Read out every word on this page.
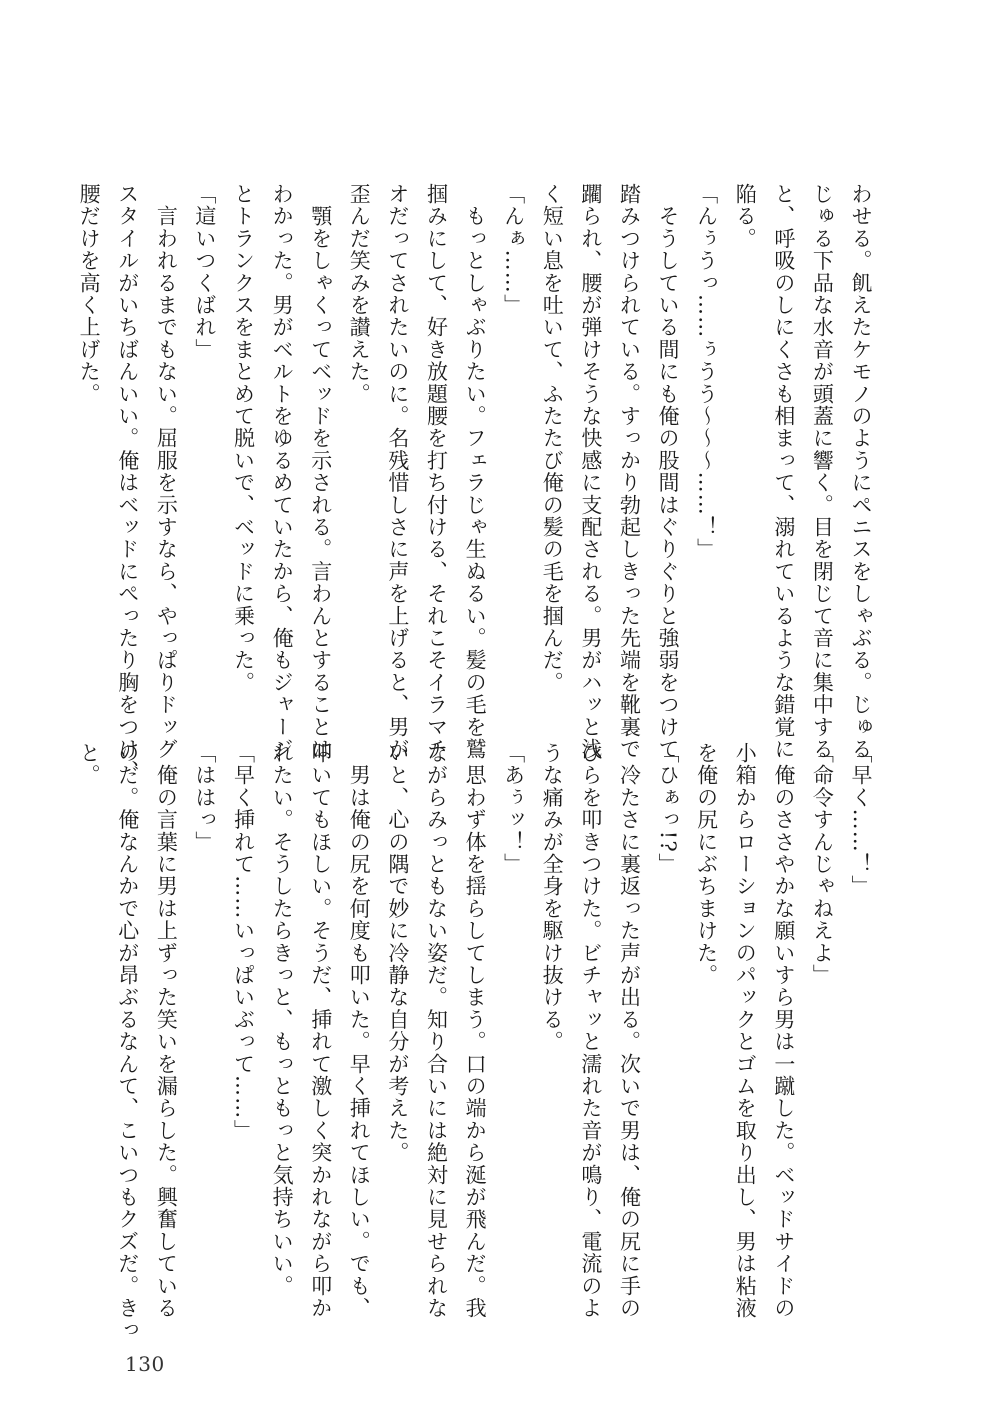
わせる。飢えたケモノのようにペニスをしゃぶる。じゅる
じゅる下品な水音が頭蓋に響く。目を閉じて音に集中する
と、呼吸のしにくさも相まって、溺れているような錯覚に
陥る。
「んぅうっ……ぅうう〜〜〜……！」
　そうしている間にも俺の股間はぐりぐりと強弱をつけて
踏みつけられている。すっかり勃起しきった先端を靴裏で
躙られ、腰が弾けそうな快感に支配される。男がハッと浅
く短い息を吐いて、ふたたび俺の髪の毛を掴んだ。
「んぁ……」
　もっとしゃぶりたい。フェラじゃ生ぬるい。髪の毛を鷲
掴みにして、好き放題腰を打ち付ける、それこそイラマチ
オだってされたいのに。名残惜しさに声を上げると、男が
歪んだ笑みを讃えた。
　顎をしゃくってベッドを示される。言わんとすることは
わかった。男がベルトをゆるめていたから、俺もジャージ
とトランクスをまとめて脱いで、ベッドに乗った。
「這いつくばれ」
　言われるまでもない。屈服を示すなら、やっぱりドッグ
スタイルがいちばんいい。俺はベッドにぺったり胸をつけ、
腰だけを高く上げた。
「早く……！」
「命令すんじゃねえよ」
　俺のささやかな願いすら男は一蹴した。ベッドサイドの
小箱からローションのパックとゴムを取り出し、男は粘液
を俺の尻にぶちまけた。
「ひぁっ!?」
　冷たさに裏返った声が出る。次いで男は、俺の尻に手の
ひらを叩きつけた。ビチャッと濡れた音が鳴り、電流のよ
うな痛みが全身を駆け抜ける。
「あぅッ！」
　思わず体を揺らしてしまう。口の端から涎が飛んだ。我
ながらみっともない姿だ。知り合いには絶対に見せられな
いと、心の隅で妙に冷静な自分が考えた。
　男は俺の尻を何度も叩いた。早く挿れてほしい。でも、
叩いてもほしい。そうだ、挿れて激しく突かれながら叩か
れたい。そうしたらきっと、もっともっと気持ちいい。
「早く挿れて……いっぱいぶって……」
「ははっ」
　俺の言葉に男は上ずった笑いを漏らした。興奮している
のだ。俺なんかで心が昂ぶるなんて、こいつもクズだ。きっ
と。
130
